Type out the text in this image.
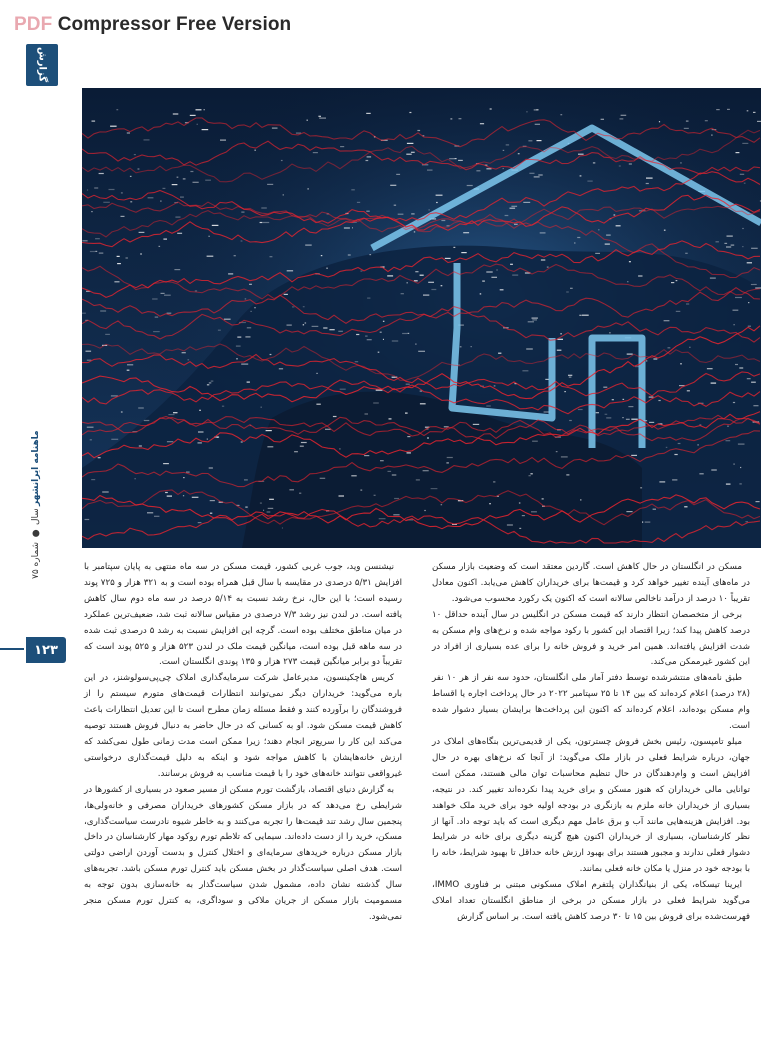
PDF Compressor Free Version
گزارش
ماهنامه ایرانشهر
سال
●
شماره ۷۵
۱۲۳

مسکن در انگلستان در حال کاهش است. گاردین معتقد است که وضعیت بازار مسکن در ماه‌های آینده تغییر خواهد کرد و قیمت‌ها برای خریداران کاهش می‌یابد. اکنون معادل تقریباً ۱۰ درصد از درآمد ناخالص سالانه است که اکنون یک رکورد محسوب می‌شود.

برخی از متخصصان انتظار دارند که قیمت مسکن در انگلیس در سال آینده حداقل ۱۰ درصد کاهش پیدا کند؛ زیرا اقتصاد این کشور با رکود مواجه شده و نرخ‌های وام مسکن به شدت افزایش یافته‌اند. همین امر خرید و فروش خانه را برای عده بسیاری از افراد در این کشور غیرممکن می‌کند.

طبق نامه‌های منتشرشده توسط دفتر آمار ملی انگلستان، حدود سه نفر از هر ۱۰ نفر (۲۸ درصد) اعلام کرده‌اند که بین ۱۴ تا ۲۵ سپتامبر ۲۰۲۲ در حال پرداخت اجاره یا اقساط وام مسکن بوده‌اند، اعلام کرده‌اند که اکنون این پرداخت‌ها برایشان بسیار دشوار شده است.

میلو تامپسون، رئیس بخش فروش چسترتون، یکی از قدیمی‌ترین بنگاه‌های املاک در جهان، درباره شرایط فعلی در بازار ملک می‌گوید: از آنجا که نرخ‌های بهره در حال افزایش است و وام‌دهندگان در حال تنظیم محاسبات توان مالی هستند، ممکن است توانایی مالی خریداران که هنوز مسکن و برای خرید پیدا نکرده‌اند تغییر کند. در نتیجه، بسیاری از خریداران خانه ملزم به بازنگری در بودجه اولیه خود برای خرید ملک خواهند بود. افزایش هزینه‌هایی مانند آب و برق عامل مهم دیگری است که باید توجه داد. آنها از نظر کارشناسان، بسیاری از خریداران اکنون هیچ گزینه دیگری برای خانه در شرایط دشوار فعلی ندارند و مجبور هستند برای بهبود ارزش خانه حداقل تا بهبود شرایط، خانه را با بودجه خود در منزل یا مکان خانه فعلی بمانند.

ایرینا تیسکاه، یکی از بنیانگذاران پلتفرم املاک مسکونی مبتنی بر فناوری IMMO، می‌گوید شرایط فعلی در بازار مسکن در برخی از مناطق انگلستان تعداد املاک فهرست‌شده برای فروش بین ۱۵ تا ۳۰ درصد کاهش یافته است. بر اساس گزارش

نیشنسن وید، جوب غربی کشور، قیمت مسکن در سه ماه منتهی به پایان سپتامبر با افزایش ۵/۳۱ درصدی در مقایسه با سال قبل همراه بوده است و به ۳۲۱ هزار و ۷۲۵ پوند رسیده است؛ با این حال، نرخ رشد نسبت به ۵/۱۴ درصد در سه ماه دوم سال کاهش یافته است. در لندن نیز رشد ۷/۳ درصدی در مقیاس سالانه ثبت شد، ضعیف‌ترین عملکرد در میان مناطق مختلف بوده است. گرچه این افزایش نسبت به رشد ۵ درصدی ثبت شده در سه ماهه قبل بوده است، میانگین قیمت ملک در لندن ۵۲۳ هزار و ۵۲۵ پوند است که تقریباً دو برابر میانگین قیمت ۲۷۳ هزار و ۱۳۵ پوندی انگلستان است.

کریس هاچکینسون، مدیرعامل شرکت سرمایه‌گذاری املاک چی‌پی‌سولوشنز، در این باره می‌گوید: خریداران دیگر نمی‌توانند انتظارات قیمت‌های متورم سیستم را از فروشندگان را برآورده کنند و فقط مسئله زمان مطرح است تا این تعدیل انتظارات باعث کاهش قیمت مسکن شود. او به کسانی که در حال حاضر به دنبال فروش هستند توصیه می‌کند این کار را سریع‌تر انجام دهند؛ زیرا ممکن است مدت زمانی طول نمی‌کشد که ارزش خانه‌هایشان با کاهش مواجه شود و اینکه به دلیل قیمت‌گذاری درخواستی غیرواقعی نتوانند خانه‌های خود را با قیمت مناسب به فروش برسانند.

به گزارش دنیای اقتصاد، بازگشت تورم مسکن از مسیر صعود در بسیاری از کشورها در شرایطی رخ می‌دهد که در بازار مسکن کشورهای خریداران مصرفی و خانه‌ولی‌ها، پنجمین سال رشد تند قیمت‌ها را تجربه می‌کنند و به خاطر شیوه نادرست سیاست‌گذاری، مسکن، خرید را از دست داده‌اند. سیمایی که تلاطم تورم روکود مهار کارشناسان در داخل بازار مسکن درباره خریدهای سرمایه‌ای و اختلال کنترل و بدست آوردن اراضی دولتی است. هدف اصلی سیاست‌گذار در بخش مسکن باید کنترل تورم مسکن باشد. تجربه‌های سال گذشته نشان داده، مشمول شدن سیاست‌گذار به خانه‌سازی بدون توجه به مسمومیت بازار مسکن از جریان ملاکی و سوداگری، به کنترل تورم مسکن منجر نمی‌شود.
